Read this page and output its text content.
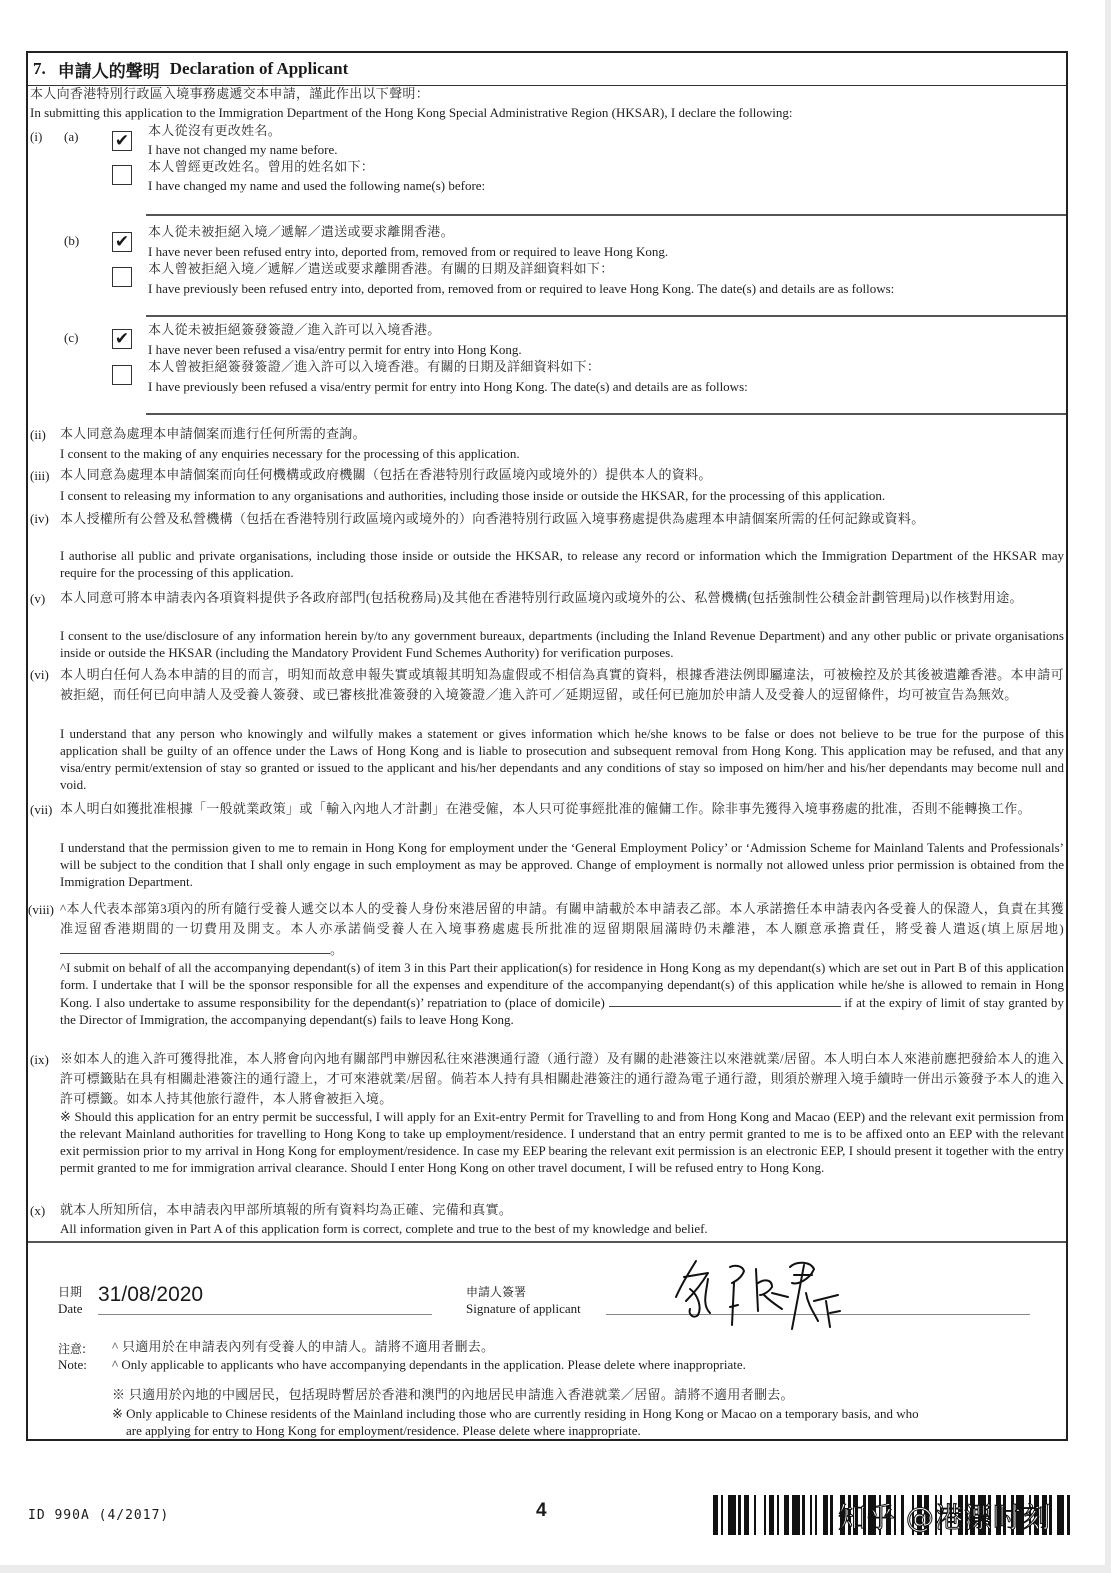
7. 申請人的聲明 Declaration of Applicant
本人向香港特別行政區入境事務處遞交本申請，謹此作出以下聲明：
In submitting this application to the Immigration Department of the Hong Kong Special Administrative Region (HKSAR), I declare the following:
(i) (a) ✔ 本人從沒有更改姓名。
I have not changed my name before.
本人曾經更改姓名。曾用的姓名如下：
I have changed my name and used the following name(s) before:
(b) ✔ 本人從未被拒絕入境／遞解／遣送或要求離開香港。
I have never been refused entry into, deported from, removed from or required to leave Hong Kong.
本人曾被拒絕入境／遞解／遣送或要求離開香港。有關的日期及詳細資料如下：
I have previously been refused entry into, deported from, removed from or required to leave Hong Kong. The date(s) and details are as follows:
(c) ✔ 本人從未被拒絕簽發簽證／進入許可以入境香港。
I have never been refused a visa/entry permit for entry into Hong Kong.
本人曾被拒絕簽發簽證／進入許可以入境香港。有關的日期及詳細資料如下：
I have previously been refused a visa/entry permit for entry into Hong Kong. The date(s) and details are as follows:
(ii) 本人同意為處理本申請個案而進行任何所需的查詢。
I consent to the making of any enquiries necessary for the processing of this application.
(iii) 本人同意為處理本申請個案而向任何機構或政府機關（包括在香港特別行政區境內或境外的）提供本人的資料。
I consent to releasing my information to any organisations and authorities, including those inside or outside the HKSAR, for the processing of this application.
(iv) 本人授權所有公營及私營機構（包括在香港特別行政區境內或境外的）向香港特別行政區入境事務處提供為處理本申請個案所需的任何記錄或資料。
I authorise all public and private organisations, including those inside or outside the HKSAR, to release any record or information which the Immigration Department of the HKSAR may require for the processing of this application.
(v) 本人同意可將本申請表內各項資料提供予各政府部門(包括稅務局)及其他在香港特別行政區境內或境外的公、私營機構(包括強制性公積金計劃管理局)以作核對用途。
I consent to the use/disclosure of any information herein by/to any government bureaux, departments (including the Inland Revenue Department) and any other public or private organisations inside or outside the HKSAR (including the Mandatory Provident Fund Schemes Authority) for verification purposes.
(vi) 本人明白任何人為本申請的目的而言，明知而故意申報失實或填報其明知為虛假或不相信為真實的資料，根據香港法例即屬違法，可被檢控及於其後被遣離香港。本申請可被拒絕，而任何已向申請人及受養人簽發、或已審核批准簽發的入境簽證／進入許可／延期逗留，或任何已施加於申請人及受養人的逗留條件，均可被宣告為無效。
I understand that any person who knowingly and wilfully makes a statement or gives information which he/she knows to be false or does not believe to be true for the purpose of this application shall be guilty of an offence under the Laws of Hong Kong and is liable to prosecution and subsequent removal from Hong Kong. This application may be refused, and that any visa/entry permit/extension of stay so granted or issued to the applicant and his/her dependants and any conditions of stay so imposed on him/her and his/her dependants may become null and void.
(vii) 本人明白如獲批准根據「一般就業政策」或「輸入內地人才計劃」在港受僱，本人只可從事經批准的僱傭工作。除非事先獲得入境事務處的批准，否則不能轉換工作。
I understand that the permission given to me to remain in Hong Kong for employment under the ‘General Employment Policy’ or ‘Admission Scheme for Mainland Talents and Professionals’ will be subject to the condition that I shall only engage in such employment as may be approved. Change of employment is normally not allowed unless prior permission is obtained from the Immigration Department.
(viii) ^本人代表本部第3項內的所有隨行受養人遞交以本人的受養人身份來港居留的申請。有關申請載於本申請表乙部。本人承諾擔任本申請表內各受養人的保證人，負責在其獲准逗留香港期間的一切費用及開支。本人亦承諾倘受養人在入境事務處處長所批准的逗留期限屆滿時仍未離港，本人願意承擔責任，將受養人遣返(填上原居地)。
^I submit on behalf of all the accompanying dependant(s) of item 3 in this Part their application(s) for residence in Hong Kong as my dependant(s) which are set out in Part B of this application form. I undertake that I will be the sponsor responsible for all the expenses and expenditure of the accompanying dependant(s) of this application while he/she is allowed to remain in Hong Kong. I also undertake to assume responsibility for the dependant(s)’ repatriation to (place of domicile)	if at the expiry of limit of stay granted by the Director of Immigration, the accompanying dependant(s) fails to leave Hong Kong.
(ix) ※如本人的進入許可獲得批准，本人將會向內地有關部門申辦因私往來港澳通行證（通行證）及有關的赴港簽注以來港就業/居留。本人明白本人來港前應把發給本人的進入許可標籤貼在具有相關赴港簽注的通行證上，才可來港就業/居留。倘若本人持有具相關赴港簽注的通行證為電子通行證，則須於辦理入境手續時一併出示簽發予本人的進入許可標籤。如本人持其他旅行證件，本人將會被拒入境。
※ Should this application for an entry permit be successful, I will apply for an Exit-entry Permit for Travelling to and from Hong Kong and Macao (EEP) and the relevant exit permission from the relevant Mainland authorities for travelling to Hong Kong to take up employment/residence. I understand that an entry permit granted to me is to be affixed onto an EEP with the relevant exit permission prior to my arrival in Hong Kong for employment/residence. In case my EEP bearing the relevant exit permission is an electronic EEP, I should present it together with the entry permit granted to me for immigration arrival clearance. Should I enter Hong Kong on other travel document, I will be refused entry to Hong Kong.
(x) 就本人所知所信，本申請表內甲部所填報的所有資料均為正確、完備和真實。
All information given in Part A of this application form is correct, complete and true to the best of my knowledge and belief.
日期
Date
31/08/2020	申請人簽署
Signature of applicant
注意:
Note:
^ 只適用於在申請表內列有受養人的申請人。請將不適用者刪去。
^ Only applicable to applicants who have accompanying dependants in the application. Please delete where inappropriate.
※ 只適用於內地的中國居民，包括現時暫居於香港和澳門的內地居民申請進入香港就業／居留。請將不適用者刪去。
※ Only applicable to Chinese residents of the Mainland including those who are currently residing in Hong Kong or Macao on a temporary basis, and who
are applying for entry to Hong Kong for employment/residence. Please delete where inappropriate.
ID 990A (4/2017)	4	知乎 @港漂时刻
